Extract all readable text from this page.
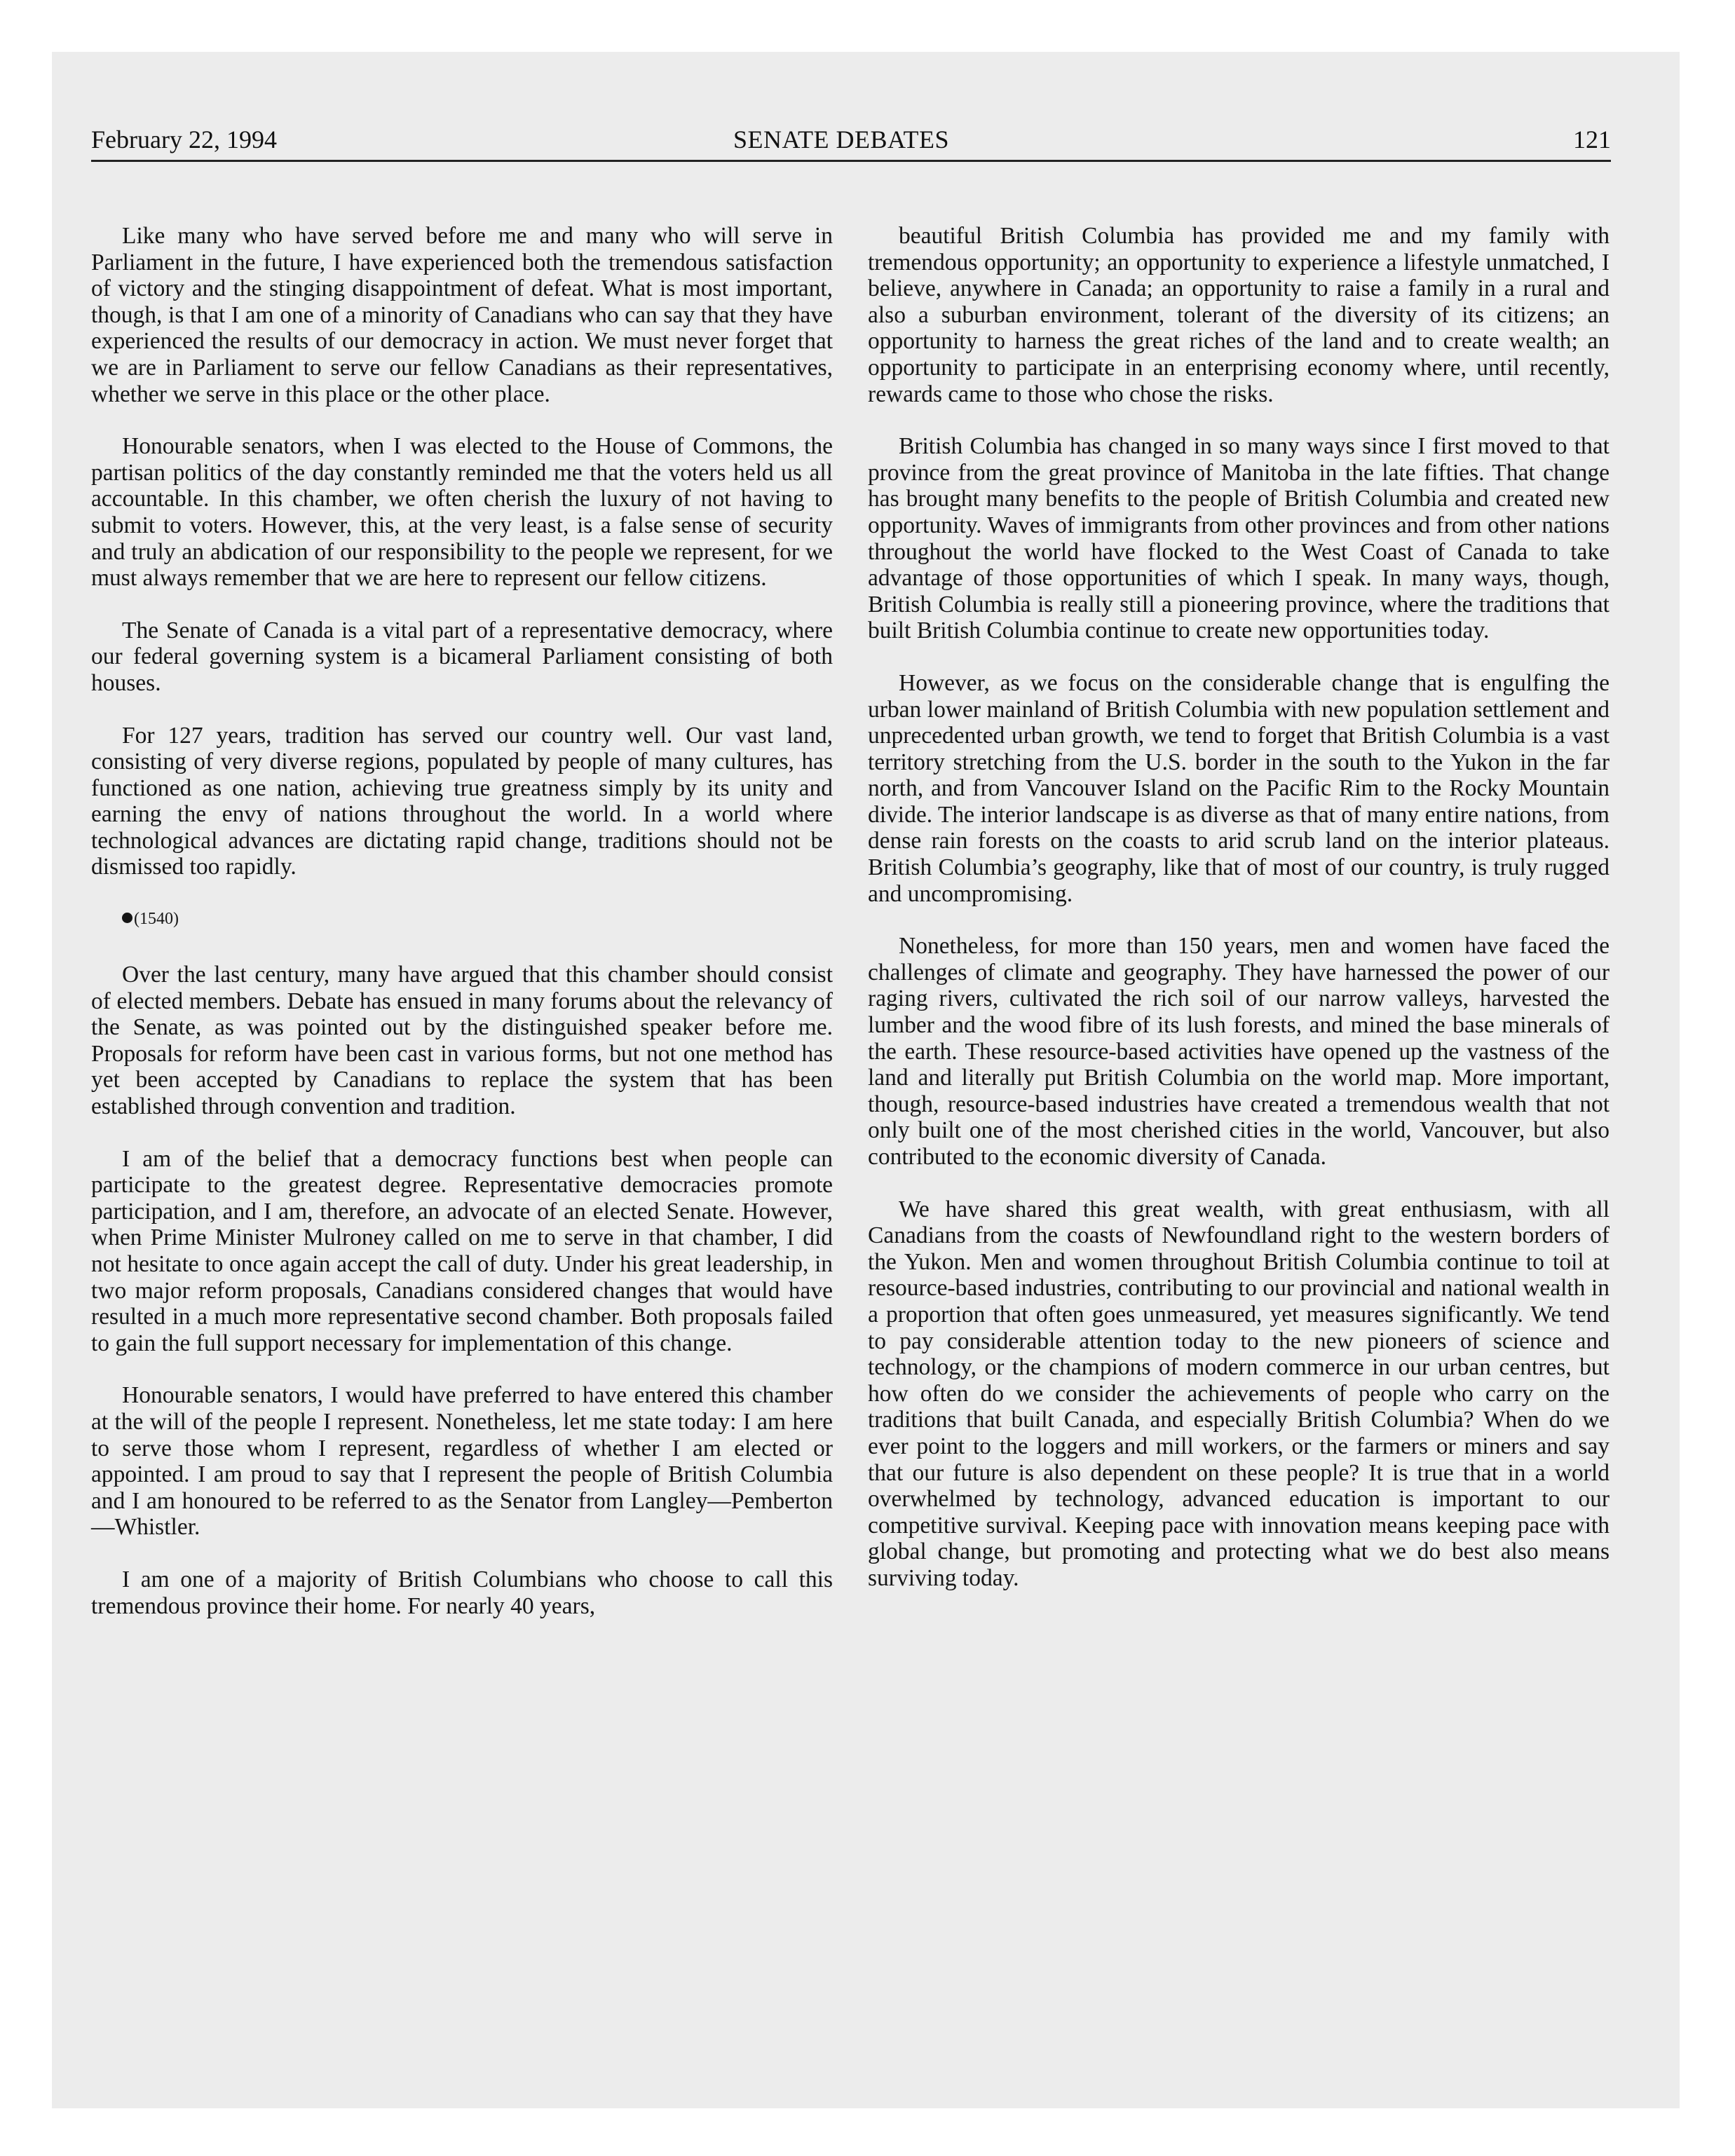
February 22, 1994	SENATE DEBATES	121

Like many who have served before me and many who will serve in Parliament in the future, I have experienced both the tremendous satisfaction of victory and the stinging disappointment of defeat. What is most important, though, is that I am one of a minority of Canadians who can say that they have experienced the results of our democracy in action. We must never forget that we are in Parliament to serve our fellow Canadians as their representatives, whether we serve in this place or the other place.

Honourable senators, when I was elected to the House of Commons, the partisan politics of the day constantly reminded me that the voters held us all accountable. In this chamber, we often cherish the luxury of not having to submit to voters. However, this, at the very least, is a false sense of security and truly an abdication of our responsibility to the people we represent, for we must always remember that we are here to represent our fellow citizens.

The Senate of Canada is a vital part of a representative democracy, where our federal governing system is a bicameral Parliament consisting of both houses.

For 127 years, tradition has served our country well. Our vast land, consisting of very diverse regions, populated by people of many cultures, has functioned as one nation, achieving true greatness simply by its unity and earning the envy of nations throughout the world. In a world where technological advances are dictating rapid change, traditions should not be dismissed too rapidly.

(1540)

Over the last century, many have argued that this chamber should consist of elected members. Debate has ensued in many forums about the relevancy of the Senate, as was pointed out by the distinguished speaker before me. Proposals for reform have been cast in various forms, but not one method has yet been accepted by Canadians to replace the system that has been established through convention and tradition.

I am of the belief that a democracy functions best when people can participate to the greatest degree. Representative democracies promote participation, and I am, therefore, an advocate of an elected Senate. However, when Prime Minister Mulroney called on me to serve in that chamber, I did not hesitate to once again accept the call of duty. Under his great leadership, in two major reform proposals, Canadians considered changes that would have resulted in a much more representative second chamber. Both proposals failed to gain the full support necessary for implementation of this change.

Honourable senators, I would have preferred to have entered this chamber at the will of the people I represent. Nonetheless, let me state today: I am here to serve those whom I represent, regardless of whether I am elected or appointed. I am proud to say that I represent the people of British Columbia and I am honoured to be referred to as the Senator from Langley—Pemberton—Whistler.

I am one of a majority of British Columbians who choose to call this tremendous province their home. For nearly 40 years,

beautiful British Columbia has provided me and my family with tremendous opportunity; an opportunity to experience a lifestyle unmatched, I believe, anywhere in Canada; an opportunity to raise a family in a rural and also a suburban environment, tolerant of the diversity of its citizens; an opportunity to harness the great riches of the land and to create wealth; an opportunity to participate in an enterprising economy where, until recently, rewards came to those who chose the risks.

British Columbia has changed in so many ways since I first moved to that province from the great province of Manitoba in the late fifties. That change has brought many benefits to the people of British Columbia and created new opportunity. Waves of immigrants from other provinces and from other nations throughout the world have flocked to the West Coast of Canada to take advantage of those opportunities of which I speak. In many ways, though, British Columbia is really still a pioneering province, where the traditions that built British Columbia continue to create new opportunities today.

However, as we focus on the considerable change that is engulfing the urban lower mainland of British Columbia with new population settlement and unprecedented urban growth, we tend to forget that British Columbia is a vast territory stretching from the U.S. border in the south to the Yukon in the far north, and from Vancouver Island on the Pacific Rim to the Rocky Mountain divide. The interior landscape is as diverse as that of many entire nations, from dense rain forests on the coasts to arid scrub land on the interior plateaus. British Columbia’s geography, like that of most of our country, is truly rugged and uncompromising.

Nonetheless, for more than 150 years, men and women have faced the challenges of climate and geography. They have harnessed the power of our raging rivers, cultivated the rich soil of our narrow valleys, harvested the lumber and the wood fibre of its lush forests, and mined the base minerals of the earth. These resource-based activities have opened up the vastness of the land and literally put British Columbia on the world map. More important, though, resource-based industries have created a tremendous wealth that not only built one of the most cherished cities in the world, Vancouver, but also contributed to the economic diversity of Canada.

We have shared this great wealth, with great enthusiasm, with all Canadians from the coasts of Newfoundland right to the western borders of the Yukon. Men and women throughout British Columbia continue to toil at resource-based industries, contributing to our provincial and national wealth in a proportion that often goes unmeasured, yet measures significantly. We tend to pay considerable attention today to the new pioneers of science and technology, or the champions of modern commerce in our urban centres, but how often do we consider the achievements of people who carry on the traditions that built Canada, and especially British Columbia? When do we ever point to the loggers and mill workers, or the farmers or miners and say that our future is also dependent on these people? It is true that in a world overwhelmed by technology, advanced education is important to our competitive survival. Keeping pace with innovation means keeping pace with global change, but promoting and protecting what we do best also means surviving today.
